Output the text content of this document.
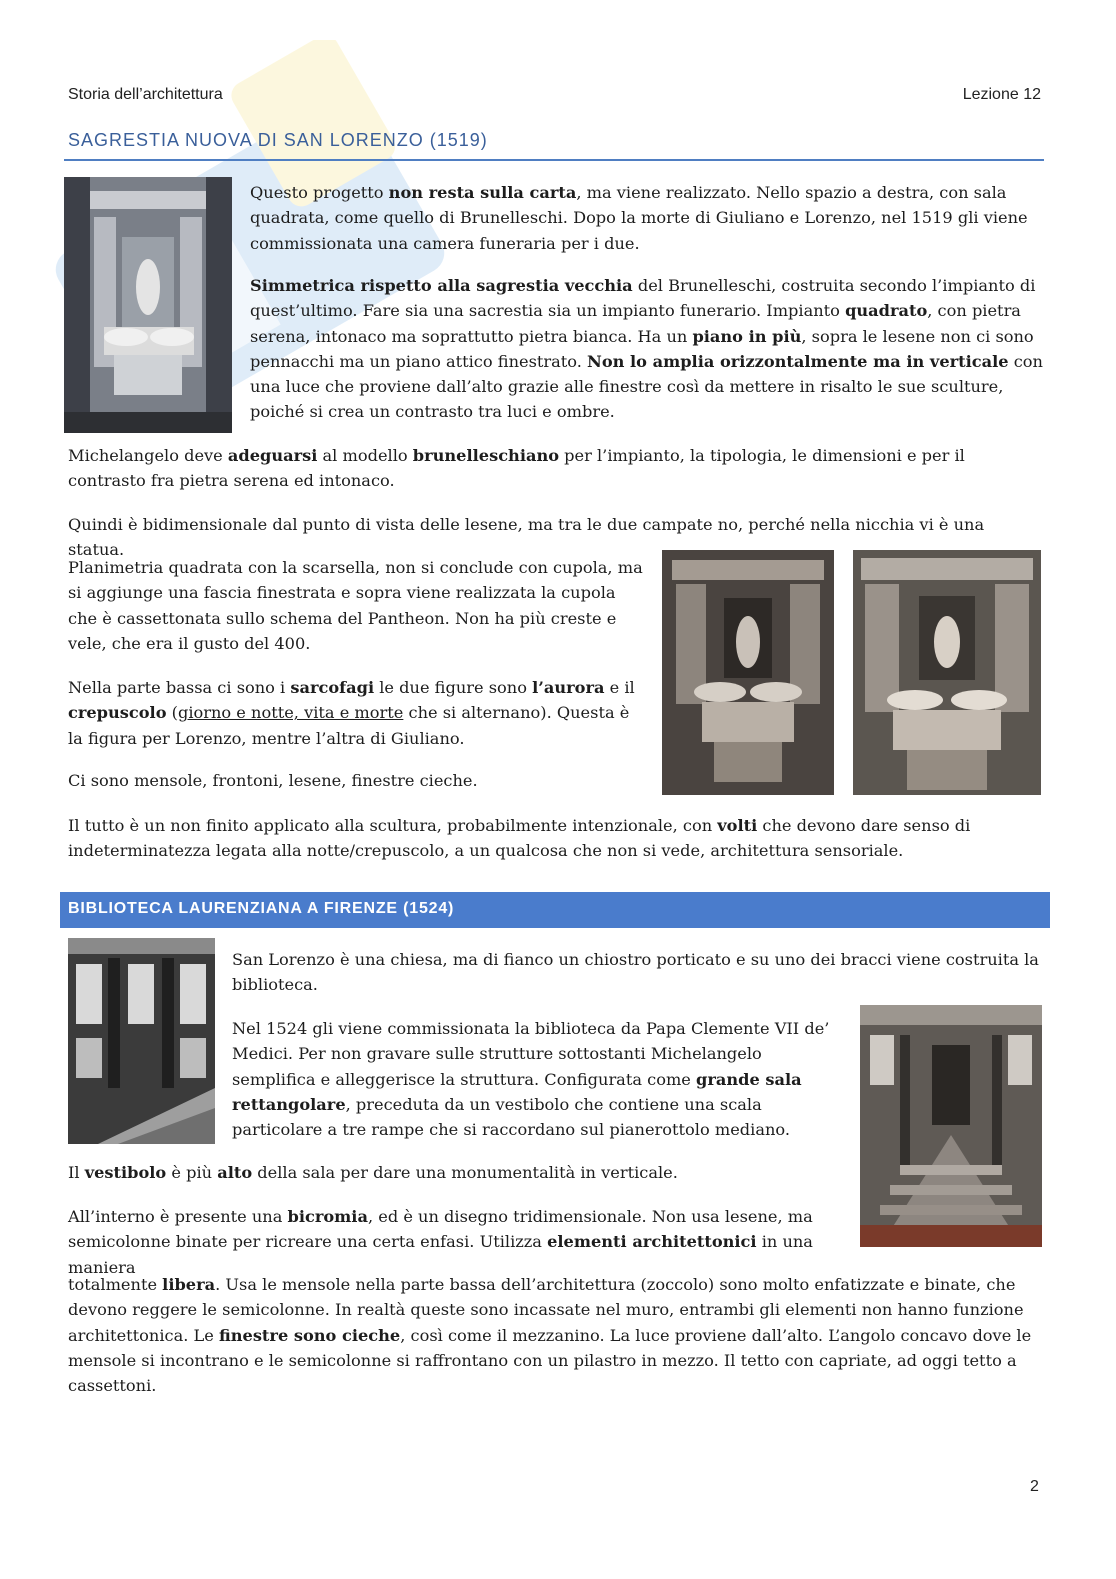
Storia dell’architettura	Lezione 12
SAGRESTIA NUOVA DI SAN LORENZO (1519)
Questo progetto non resta sulla carta, ma viene realizzato. Nello spazio a destra, con sala quadrata, come quello di Brunelleschi. Dopo la morte di Giuliano e Lorenzo, nel 1519 gli viene commissionata una camera funeraria per i due.
Simmetrica rispetto alla sagrestia vecchia del Brunelleschi, costruita secondo l’impianto di quest’ultimo. Fare sia una sacrestia sia un impianto funerario. Impianto quadrato, con pietra serena, intonaco ma soprattutto pietra bianca. Ha un piano in più, sopra le lesene non ci sono pennacchi ma un piano attico finestrato. Non lo amplia orizzontalmente ma in verticale con una luce che proviene dall’alto grazie alle finestre così da mettere in risalto le sue sculture, poiché si crea un contrasto tra luci e ombre.
Michelangelo deve adeguarsi al modello brunelleschiano per l’impianto, la tipologia, le dimensioni e per il contrasto fra pietra serena ed intonaco.
Quindi è bidimensionale dal punto di vista delle lesene, ma tra le due campate no, perché nella nicchia vi è una statua.
Planimetria quadrata con la scarsella, non si conclude con cupola, ma si aggiunge una fascia finestrata e sopra viene realizzata la cupola che è cassettonata sullo schema del Pantheon. Non ha più creste e vele, che era il gusto del 400.
Nella parte bassa ci sono i sarcofagi le due figure sono l’aurora e il crepuscolo (giorno e notte, vita e morte che si alternano). Questa è la figura per Lorenzo, mentre l’altra di Giuliano.
Ci sono mensole, frontoni, lesene, finestre cieche.
Il tutto è un non finito applicato alla scultura, probabilmente intenzionale, con volti che devono dare senso di indeterminatezza legata alla notte/crepuscolo, a un qualcosa che non si vede, architettura sensoriale.
BIBLIOTECA LAURENZIANA A FIRENZE (1524)
San Lorenzo è una chiesa, ma di fianco un chiostro porticato e su uno dei bracci viene costruita la biblioteca.
Nel 1524 gli viene commissionata la biblioteca da Papa Clemente VII de’ Medici. Per non gravare sulle strutture sottostanti Michelangelo semplifica e alleggerisce la struttura. Configurata come grande sala rettangolare, preceduta da un vestibolo che contiene una scala particolare a tre rampe che si raccordano sul pianerottolo mediano.
Il vestibolo è più alto della sala per dare una monumentalità in verticale.
All’interno è presente una bicromia, ed è un disegno tridimensionale. Non usa lesene, ma semicolonne binate per ricreare una certa enfasi. Utilizza elementi architettonici in una maniera
totalmente libera. Usa le mensole nella parte bassa dell’architettura (zoccolo) sono molto enfatizzate e binate, che devono reggere le semicolonne. In realtà queste sono incassate nel muro, entrambi gli elementi non hanno funzione architettonica. Le finestre sono cieche, così come il mezzanino. La luce proviene dall’alto. L’angolo concavo dove le mensole si incontrano e le semicolonne si raffrontano con un pilastro in mezzo. Il tetto con capriate, ad oggi tetto a cassettoni.
2
